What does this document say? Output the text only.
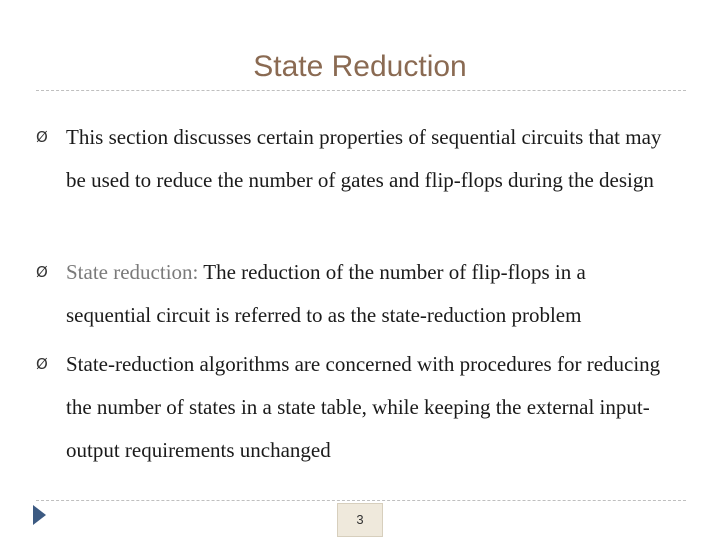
State Reduction
Ø This section discusses certain properties of sequential circuits that may be used to reduce the number of gates and flip-flops during the design
Ø State reduction: The reduction of the number of flip-flops in a sequential circuit is referred to as the state-reduction problem
Ø State-reduction algorithms are concerned with procedures for reducing the number of states in a state table, while keeping the external input-output requirements unchanged
3
